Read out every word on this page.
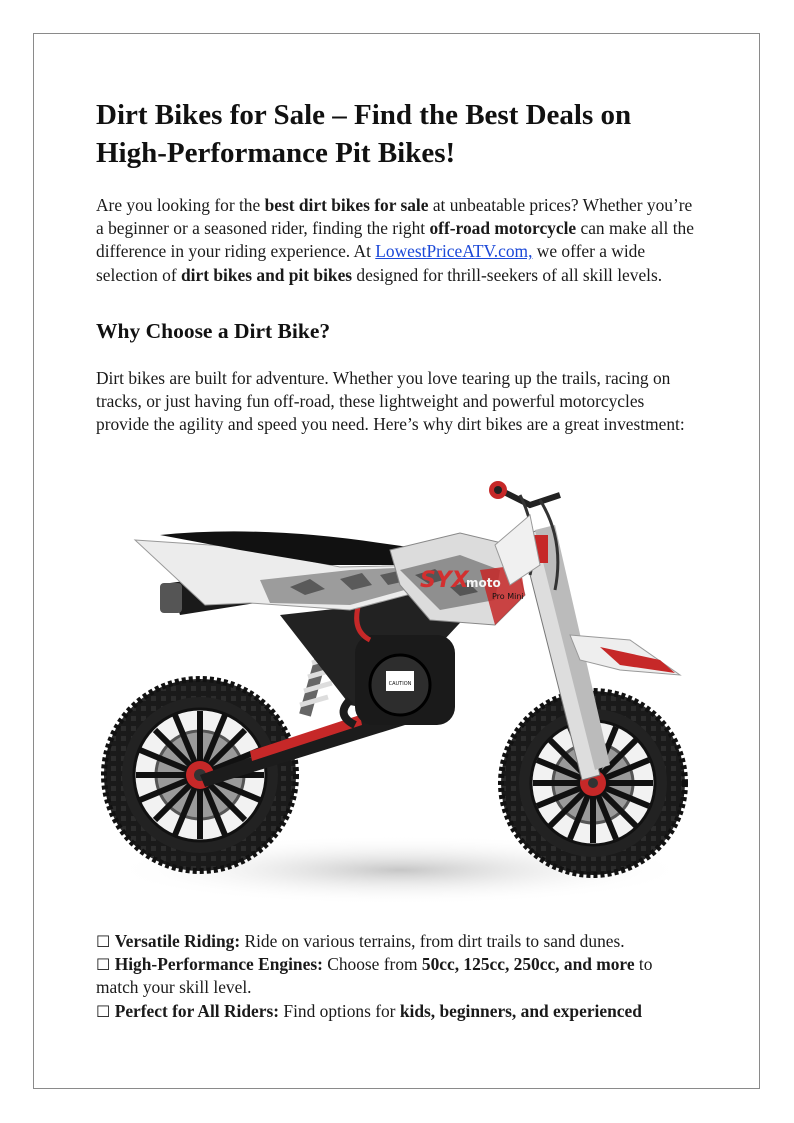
Dirt Bikes for Sale – Find the Best Deals on High-Performance Pit Bikes!

Are you looking for the best dirt bikes for sale at unbeatable prices? Whether you’re a beginner or a seasoned rider, finding the right off-road motorcycle can make all the difference in your riding experience. At LowestPriceATV.com, we offer a wide selection of dirt bikes and pit bikes designed for thrill-seekers of all skill levels.

Why Choose a Dirt Bike?

Dirt bikes are built for adventure. Whether you love tearing up the trails, racing on tracks, or just having fun off-road, these lightweight and powerful motorcycles provide the agility and speed you need. Here’s why dirt bikes are a great investment:

CAUTION
SYX
moto
Pro Mini

☐ Versatile Riding: Ride on various terrains, from dirt trails to sand dunes.

☐ High-Performance Engines: Choose from 50cc, 125cc, 250cc, and more to match your skill level.

☐ Perfect for All Riders: Find options for kids, beginners, and experienced
